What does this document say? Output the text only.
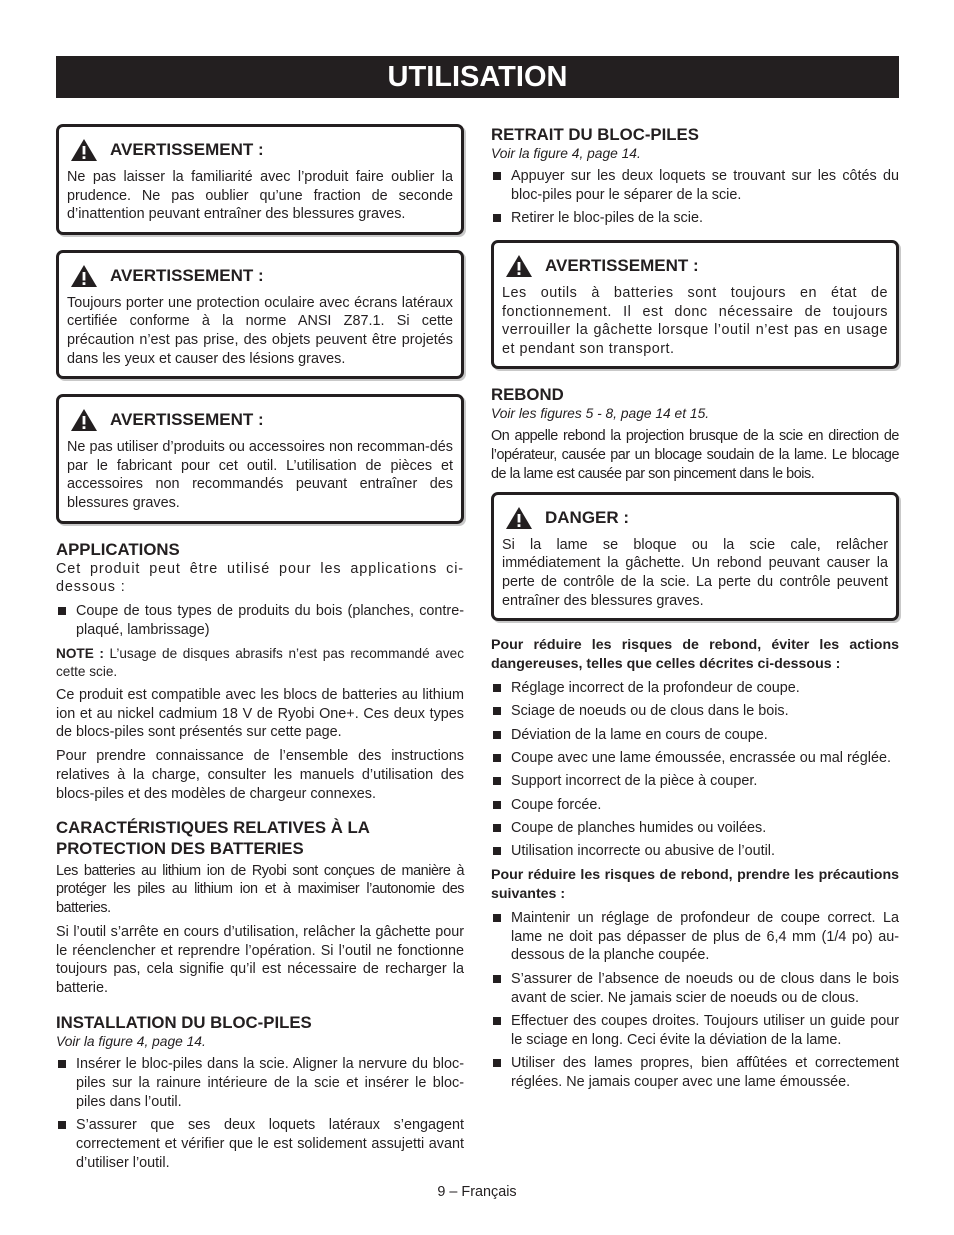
UTILISATION
AVERTISSEMENT :
Ne pas laisser la familiarité avec l’produit faire oublier la prudence. Ne pas oublier qu’une fraction de seconde d’inattention peuvant entraîner des blessures graves.
AVERTISSEMENT :
Toujours porter une protection oculaire avec écrans latéraux certifiée conforme à la norme ANSI Z87.1. Si cette précaution n’est pas prise, des objets peuvent être projetés dans les yeux et causer des lésions graves.
AVERTISSEMENT :
Ne pas utiliser d’produits ou accessoires non recomman-dés par le fabricant pour cet outil. L’utilisation de pièces et accessoires non recommandés peuvant entraîner des blessures graves.
APPLICATIONS

Cet produit peut être utilisé pour les applications ci-dessous :

Coupe de tous types de produits du bois (planches, contre-plaqué, lambrissage)

NOTE : L’usage de disques abrasifs n’est pas recommandé avec cette scie.

Ce produit est compatible avec les blocs de batteries au lithium ion et au nickel cadmium 18 V de Ryobi One+. Ces deux types de blocs-piles sont présentés sur cette page.

Pour prendre connaissance de l’ensemble des instructions relatives à la charge, consulter les manuels d’utilisation des blocs-piles et des modèles de chargeur connexes.

CARACTÉRISTIQUES RELATIVES À LA
PROTECTION DES BATTERIES

Les batteries au lithium ion de Ryobi sont conçues de manière à protéger les piles au lithium ion et à maximiser l’autonomie des batteries.

Si l’outil s’arrête en cours d’utilisation, relâcher la gâchette pour le réenclencher et reprendre l’opération. Si l’outil ne fonctionne toujours pas, cela signifie qu’il est nécessaire de recharger la batterie.

INSTALLATION DU BLOC-PILES
Voir la figure 4, page 14.
Insérer le bloc-piles dans la scie. Aligner la nervure du bloc-piles sur la rainure intérieure de la scie et insérer le bloc-piles dans l’outil.
S’assurer que ses deux loquets latéraux s’engagent correctement et vérifier que le est solidement assujetti avant d’utiliser l’outil.
RETRAIT DU BLOC-PILES
Voir la figure 4, page 14.
Appuyer sur les deux loquets se trouvant sur les côtés du bloc-piles pour le séparer de la scie.
Retirer le bloc-piles de la scie.
AVERTISSEMENT :
Les outils à batteries sont toujours en état de fonctionnement. Il est donc nécessaire de toujours verrouiller la gâchette lorsque l’outil n’est pas en usage et pendant son transport.
REBOND
Voir les figures 5 - 8, page 14 et 15.

On appelle rebond la projection brusque de la scie en direction de l’opérateur, causée par un blocage soudain de la lame. Le blocage de la lame est causée par son pincement dans le bois.

DANGER :
Si la lame se bloque ou la scie cale, relâcher immédiatement la gâchette. Un rebond peuvant causer la perte de contrôle de la scie. La perte du contrôle peuvent entraîner des blessures graves.

Pour réduire les risques de rebond, éviter les actions dangereuses, telles que celles décrites ci-dessous :

Réglage incorrect de la profondeur de coupe.
Sciage de noeuds ou de clous dans le bois.
Déviation de la lame en cours de coupe.
Coupe avec une lame émoussée, encrassée ou mal réglée.
Support incorrect de la pièce à couper.
Coupe forcée.
Coupe de planches humides ou voilées.
Utilisation incorrecte ou abusive de l’outil.

Pour réduire les risques de rebond, prendre les précautions suivantes :

Maintenir un réglage de profondeur de coupe correct. La lame ne doit pas dépasser de plus de 6,4 mm (1/4 po) au-dessous de la planche coupée.
S’assurer de l’absence de noeuds ou de clous dans le bois avant de scier. Ne jamais scier de noeuds ou de clous.
Effectuer des coupes droites. Toujours utiliser un guide pour le sciage en long. Ceci évite la déviation de la lame.
Utiliser des lames propres, bien affûtées et correctement réglées. Ne jamais couper avec une lame émoussée.
9 – Français
